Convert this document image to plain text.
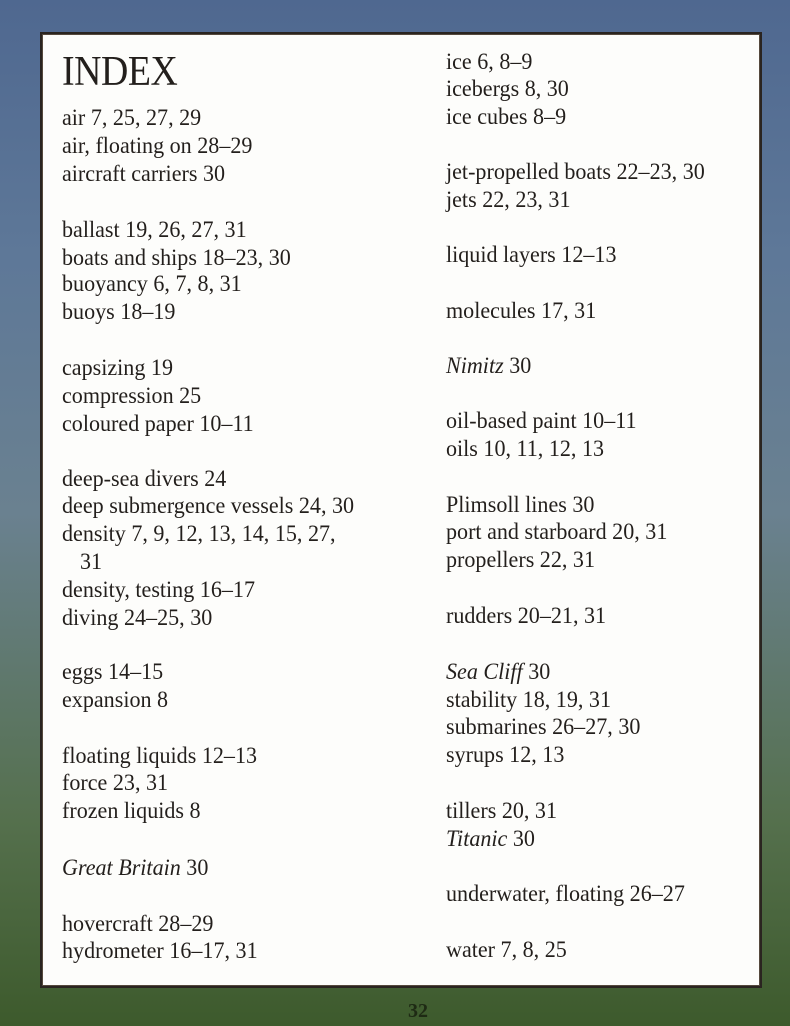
INDEX
air 7, 25, 27, 29
air, floating on 28–29
aircraft carriers 30
ballast 19, 26, 27, 31
boats and ships 18–23, 30
buoyancy 6, 7, 8, 31
buoys 18–19
capsizing 19
compression 25
coloured paper 10–11
deep-sea divers 24
deep submergence vessels 24, 30
density 7, 9, 12, 13, 14, 15, 27,
31
density, testing 16–17
diving 24–25, 30
eggs 14–15
expansion 8
floating liquids 12–13
force 23, 31
frozen liquids 8
Great Britain 30
hovercraft 28–29
hydrometer 16–17, 31
ice 6, 8–9
icebergs 8, 30
ice cubes 8–9
jet-propelled boats 22–23, 30
jets 22, 23, 31
liquid layers 12–13
molecules 17, 31
Nimitz 30
oil-based paint 10–11
oils 10, 11, 12, 13
Plimsoll lines 30
port and starboard 20, 31
propellers 22, 31
rudders 20–21, 31
Sea Cliff 30
stability 18, 19, 31
submarines 26–27, 30
syrups 12, 13
tillers 20, 31
Titanic 30
underwater, floating 26–27
water 7, 8, 25
32
